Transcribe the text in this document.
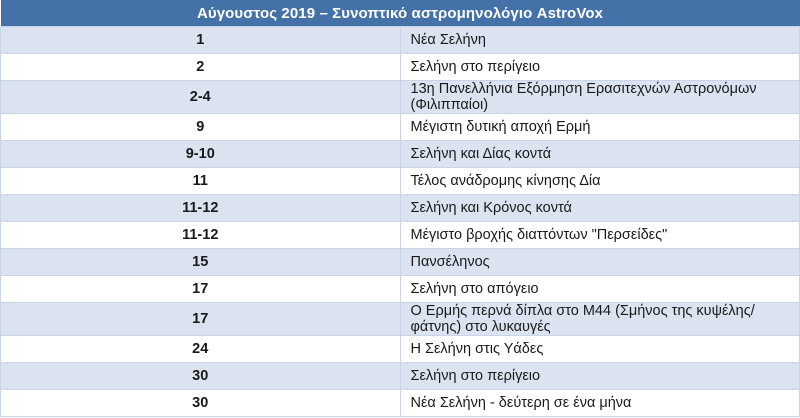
Αύγουστος 2019 – Συνοπτικό αστρομηνολόγιο AstroVox	
1	Νέα Σελήνη
2	Σελήνη στο περίγειο
2-4	13η Πανελλήνια Εξόρμηση Ερασιτεχνών Αστρονόμων (Φιλιππαίοι)
9	Μέγιστη δυτική αποχή Ερμή
9-10	Σελήνη και Δίας κοντά
11	Τέλος ανάδρομης κίνησης Δία
11-12	Σελήνη και Κρόνος κοντά
11-12	Μέγιστο βροχής διαττόντων "Περσείδες"
15	Πανσέληνος
17	Σελήνη στο απόγειο
17	Ο Ερμής περνά δίπλα στο M44 (Σμήνος της κυψέλης/φάτνης) στο λυκαυγές
24	Η Σελήνη στις Υάδες
30	Σελήνη στο περίγειο
30	Νέα Σελήνη - δεύτερη σε ένα μήνα
